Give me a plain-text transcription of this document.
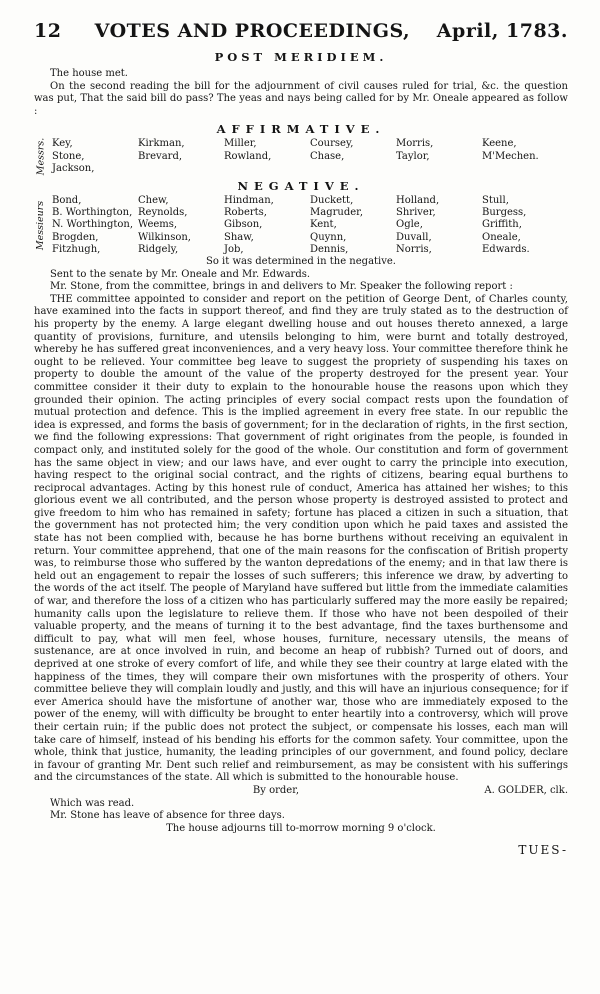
12	VOTES AND PROCEEDINGS,	April, 1783.
POST MERIDIEM.

The house met.

On the second reading the bill for the adjournment of civil causes ruled for trial, &c. the question was put, That the said bill do pass? The yeas and nays being called for by Mr. Oneale appeared as follow :

AFFIRMATIVE.
Messrs. Key,	Kirkman,	Miller,	Coursey,	Morris,	Keene,
Stone,	Brevard,	Rowland,	Chase,	Taylor,	M'Mechen.
Jackson,
NEGATIVE.
Messieurs
Bond,	Chew,	Hindman,	Duckett,	Holland,	Stull,
B. Worthington, Reynolds,	Roberts,	Magruder,	Shriver,	Burgess,
N. Worthington, Weems,	Gibson,	Kent,	Ogle,	Griffith,
Brogden,	Wilkinson,	Shaw,	Quynn,	Duvall,	Oneale,
Fitzhugh,	Ridgely,	Job,	Dennis,	Norris,	Edwards.
So it was determined in the negative.

Sent to the senate by Mr. Oneale and Mr. Edwards.

Mr. Stone, from the committee, brings in and delivers to Mr. Speaker the following report :

THE committee appointed to consider and report on the petition of George Dent, of Charles county, have examined into the facts in support thereof, and find they are truly stated as to the destruction of his property by the enemy. A large elegant dwelling house and out houses thereto annexed, a large quantity of provisions, furniture, and utensils belonging to him, were burnt and totally destroyed, whereby he has suffered great inconveniences, and a very heavy loss. Your committee therefore think he ought to be relieved. Your committee beg leave to suggest the propriety of suspending his taxes on property to double the amount of the value of the property destroyed for the present year. Your committee consider it their duty to explain to the honourable house the reasons upon which they grounded their opinion. The acting principles of every social compact rests upon the foundation of mutual protection and defence. This is the implied agreement in every free state. In our republic the idea is expressed, and forms the basis of government; for in the declaration of rights, in the first section, we find the following expressions: That government of right originates from the people, is founded in compact only, and instituted solely for the good of the whole. Our constitution and form of government has the same object in view; and our laws have, and ever ought to carry the principle into execution, having respect to the original social contract, and the rights of citizens, bearing equal burthens to reciprocal advantages. Acting by this honest rule of conduct, America has attained her wishes; to this glorious event we all contributed, and the person whose property is destroyed assisted to protect and give freedom to him who has remained in safety; fortune has placed a citizen in such a situation, that the government has not protected him; the very condition upon which he paid taxes and assisted the state has not been complied with, because he has borne burthens without receiving an equivalent in return. Your committee apprehend, that one of the main reasons for the confiscation of British property was, to reimburse those who suffered by the wanton depredations of the enemy; and in that law there is held out an engagement to repair the losses of such sufferers; this inference we draw, by adverting to the words of the act itself. The people of Maryland have suffered but little from the immediate calamities of war, and therefore the loss of a citizen who has particularly suffered may the more easily be repaired; humanity calls upon the legislature to relieve them. If those who have not been despoiled of their valuable property, and the means of turning it to the best advantage, find the taxes burthensome and difficult to pay, what will men feel, whose houses, furniture, necessary utensils, the means of sustenance, are at once involved in ruin, and become an heap of rubbish? Turned out of doors, and deprived at one stroke of every comfort of life, and while they see their country at large elated with the happiness of the times, they will compare their own misfortunes with the prosperity of others. Your committee believe they will complain loudly and justly, and this will have an injurious consequence; for if ever America should have the misfortune of another war, those who are immediately exposed to the power of the enemy, will with difficulty be brought to enter heartily into a controversy, which will prove their certain ruin; if the public does not protect the subject, or compensate his losses, each man will take care of himself, instead of his bending his efforts for the common safety. Your committee, upon the whole, think that justice, humanity, the leading principles of our government, and found policy, declare in favour of granting Mr. Dent such relief and reimbursement, as may be consistent with his sufferings and the circumstances of the state. All which is submitted to the honourable house.

By order,	A. GOLDER, clk.

Which was read.

Mr. Stone has leave of absence for three days.

The house adjourns till to-morrow morning 9 o'clock.
TUES-
